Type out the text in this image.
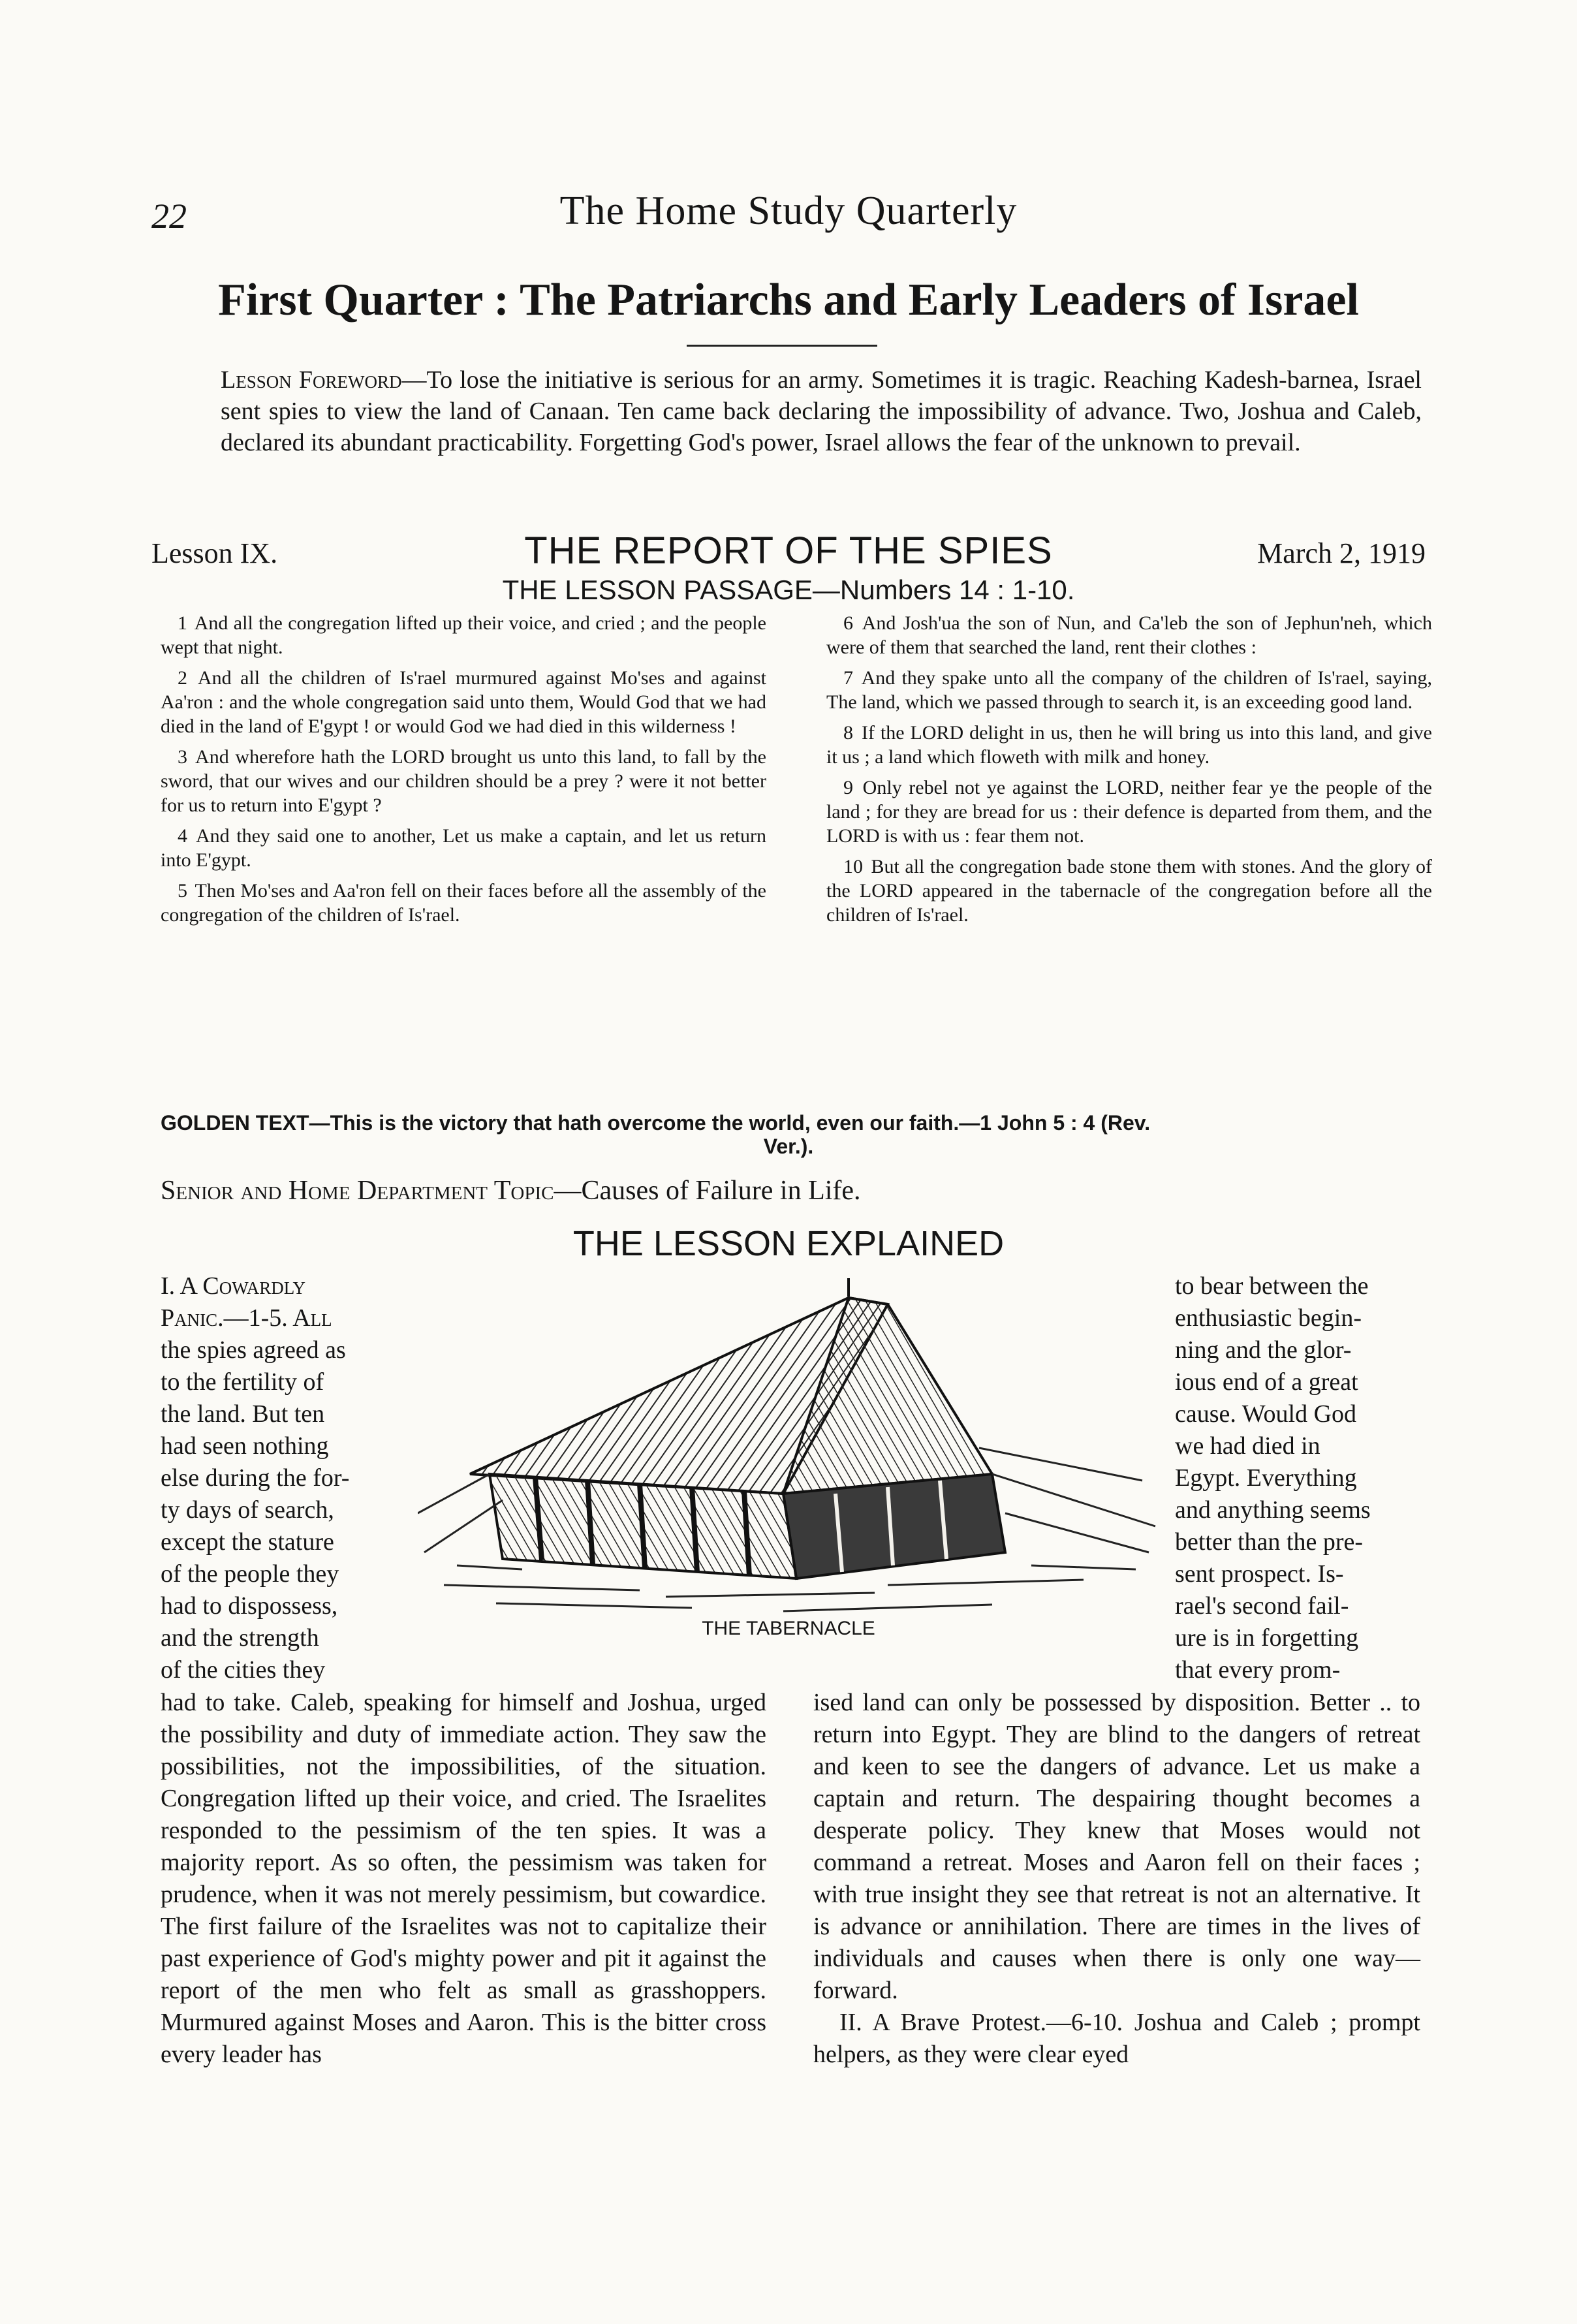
22	The Home Study Quarterly
First Quarter : The Patriarchs and Early Leaders of Israel
Lesson Foreword—To lose the initiative is serious for an army. Sometimes it is tragic. Reaching Kadesh-barnea, Israel sent spies to view the land of Canaan. Ten came back declaring the impossibility of advance. Two, Joshua and Caleb, declared its abundant practicability. Forgetting God's power, Israel allows the fear of the unknown to prevail.
Lesson IX.	THE REPORT OF THE SPIES	March 2, 1919
THE LESSON PASSAGE—Numbers 14 : 1-10.

1 And all the congregation lifted up their voice, and cried ; and the people wept that night.

2 And all the children of Is'rael murmured against Mo'ses and against Aa'ron : and the whole congregation said unto them, Would God that we had died in the land of E'gypt ! or would God we had died in this wilderness !

3 And wherefore hath the LORD brought us unto this land, to fall by the sword, that our wives and our children should be a prey ? were it not better for us to return into E'gypt ?

4 And they said one to another, Let us make a captain, and let us return into E'gypt.

5 Then Mo'ses and Aa'ron fell on their faces before all the assembly of the congregation of the children of Is'rael.

6 And Josh'ua the son of Nun, and Ca'leb the son of Jephun'neh, which were of them that searched the land, rent their clothes :

7 And they spake unto all the company of the children of Is'rael, saying, The land, which we passed through to search it, is an exceeding good land.

8 If the LORD delight in us, then he will bring us into this land, and give it us ; a land which floweth with milk and honey.

9 Only rebel not ye against the LORD, neither fear ye the people of the land ; for they are bread for us : their defence is departed from them, and the LORD is with us : fear them not.

10 But all the congregation bade stone them with stones. And the glory of the LORD appeared in the tabernacle of the congregation before all the children of Is'rael.

GOLDEN TEXT—This is the victory that hath overcome the world, even our faith.—1 John 5 : 4 (Rev.
Ver.).
Senior and Home Department Topic—Causes of Failure in Life.
THE LESSON EXPLAINED

I. A Cowardly

Panic.—1-5. All

the spies agreed as

to the fertility of

the land. But ten

had seen nothing

else during the for-

ty days of search,

except the stature

of the people they

had to dispossess,

and the strength

of the cities they

to bear between the

enthusiastic begin-

ning and the glor-

ious end of a great

cause. Would God

we had died in

Egypt. Everything

and anything seems

better than the pre-

sent prospect. Is-

rael's second fail-

ure is in forgetting

that every prom-

THE TABERNACLE

had to take. Caleb, speaking for himself and Joshua, urged the possibility and duty of immediate action. They saw the possibilities, not the impossibilities, of the situation. Congregation lifted up their voice, and cried. The Israelites responded to the pessimism of the ten spies. It was a majority report. As so often, the pessimism was taken for prudence, when it was not merely pessimism, but cowardice. The first failure of the Israelites was not to capitalize their past experience of God's mighty power and pit it against the report of the men who felt as small as grasshoppers. Murmured against Moses and Aaron. This is the bitter cross every leader has

ised land can only be possessed by disposition. Better .. to return into Egypt. They are blind to the dangers of retreat and keen to see the dangers of advance. Let us make a captain and return. The despairing thought becomes a desperate policy. They knew that Moses would not command a retreat. Moses and Aaron fell on their faces ; with true insight they see that retreat is not an alternative. It is advance or annihilation. There are times in the lives of individuals and causes when there is only one way—forward.

II. A Brave Protest.—6-10. Joshua and Caleb ; prompt helpers, as they were clear eyed
